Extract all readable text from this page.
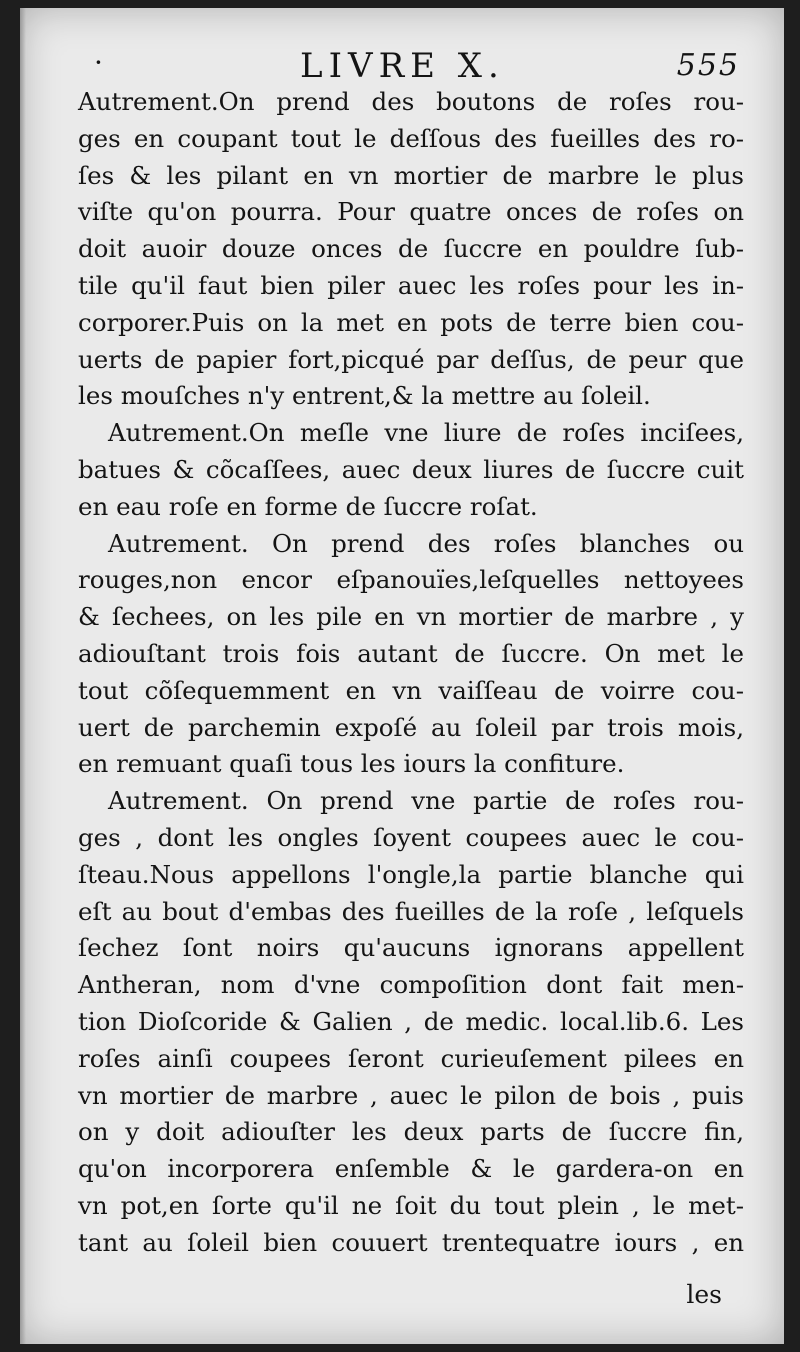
·	LIVRE X.	555

Autrement.On prend des boutons de roſes rou-
ges en coupant tout le deſſous des fueilles des ro-
ſes & les pilant en vn mortier de marbre le plus
viſte qu'on pourra. Pour quatre onces de roſes on
doit auoir douze onces de ſuccre en pouldre ſub-
tile qu'il faut bien piler auec les roſes pour les in-
corporer.Puis on la met en pots de terre bien cou-
uerts de papier fort,picqué par deſſus, de peur que
les mouſches n'y entrent,& la mettre au ſoleil.

Autrement.On meſle vne liure de roſes inciſees,
batues & cõcaſſees, auec deux liures de ſuccre cuit
en eau roſe en forme de ſuccre roſat.

Autrement. On prend des roſes blanches ou
rouges,non encor eſpanouïes,leſquelles nettoyees
& ſechees, on les pile en vn mortier de marbre , y
adiouſtant trois fois autant de ſuccre. On met le
tout cõſequemment en vn vaiſſeau de voirre cou-
uert de parchemin expoſé au ſoleil par trois mois,
en remuant quaſi tous les iours la confiture.

Autrement. On prend vne partie de roſes rou-
ges , dont les ongles ſoyent coupees auec le cou-
ſteau.Nous appellons l'ongle,la partie blanche qui
eſt au bout d'embas des fueilles de la roſe , leſquels
ſechez ſont noirs qu'aucuns ignorans appellent
Antheran, nom d'vne compoſition dont fait men-
tion Dioſcoride & Galien , de medic. local.lib.6. Les
roſes ainſi coupees ſeront curieuſement pilees en
vn mortier de marbre , auec le pilon de bois , puis
on y doit adiouſter les deux parts de ſuccre fin,
qu'on incorporera enſemble & le gardera-on en
vn pot,en ſorte qu'il ne ſoit du tout plein , le met-
tant au ſoleil bien couuert trentequatre iours , en

les
